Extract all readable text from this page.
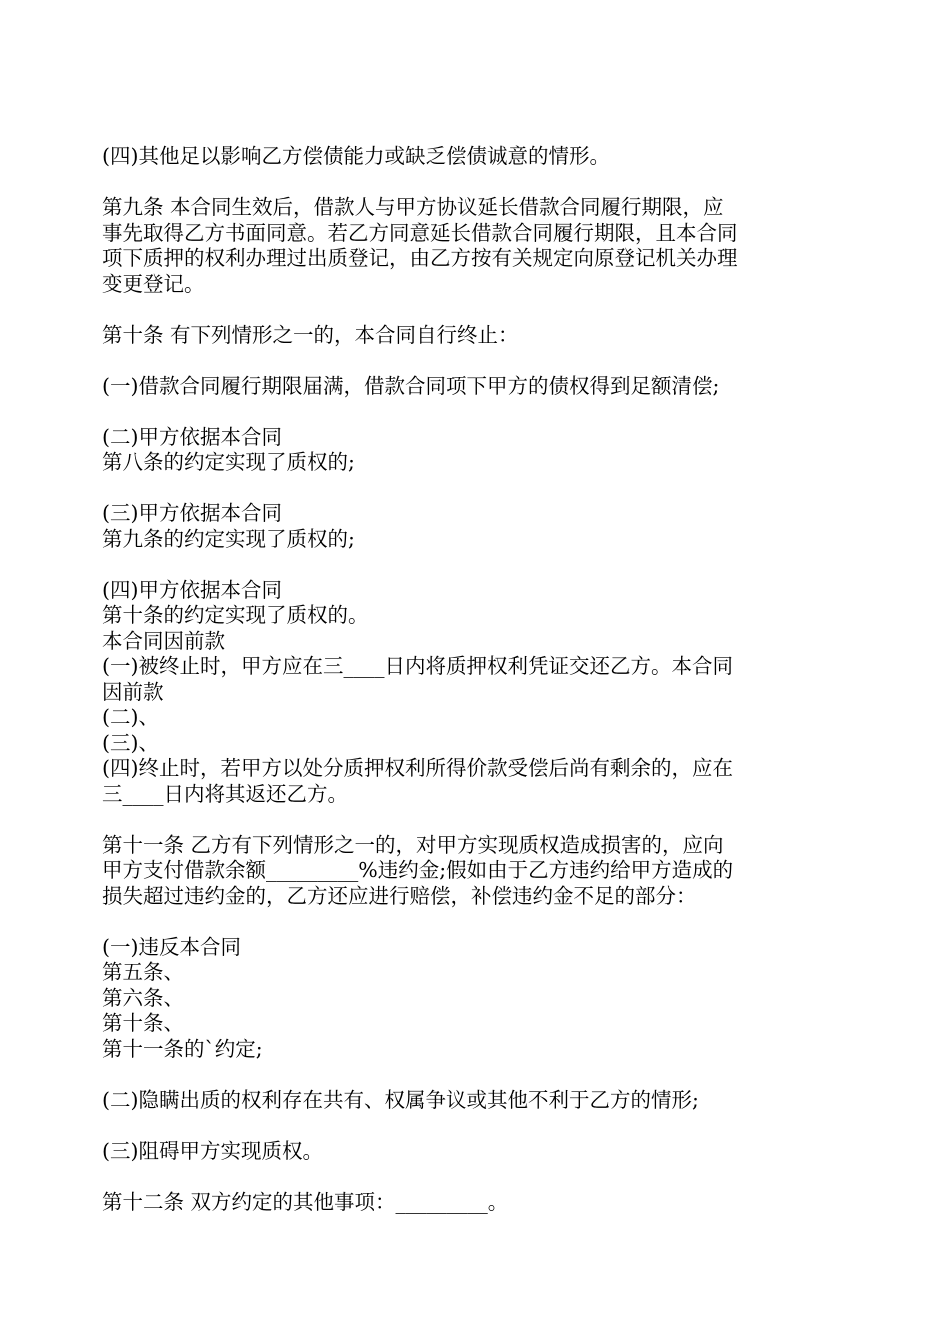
(四)其他足以影响乙方偿债能力或缺乏偿债诚意的情形。
第九条 本合同生效后，借款人与甲方协议延长借款合同履行期限，应
事先取得乙方书面同意。若乙方同意延长借款合同履行期限，且本合同
项下质押的权利办理过出质登记，由乙方按有关规定向原登记机关办理
变更登记。
第十条 有下列情形之一的，本合同自行终止：
(一)借款合同履行期限届满，借款合同项下甲方的债权得到足额清偿;
(二)甲方依据本合同
第八条的约定实现了质权的;
(三)甲方依据本合同
第九条的约定实现了质权的;
(四)甲方依据本合同
第十条的约定实现了质权的。
本合同因前款
(一)被终止时，甲方应在三____日内将质押权利凭证交还乙方。本合同
因前款
(二)、
(三)、
(四)终止时，若甲方以处分质押权利所得价款受偿后尚有剩余的，应在
三____日内将其返还乙方。
第十一条 乙方有下列情形之一的，对甲方实现质权造成损害的，应向
甲方支付借款余额_________%违约金;假如由于乙方违约给甲方造成的
损失超过违约金的，乙方还应进行赔偿，补偿违约金不足的部分：
(一)违反本合同
第五条、
第六条、
第十条、
第十一条的`约定;
(二)隐瞒出质的权利存在共有、权属争议或其他不利于乙方的情形;
(三)阻碍甲方实现质权。
第十二条 双方约定的其他事项：_________。
